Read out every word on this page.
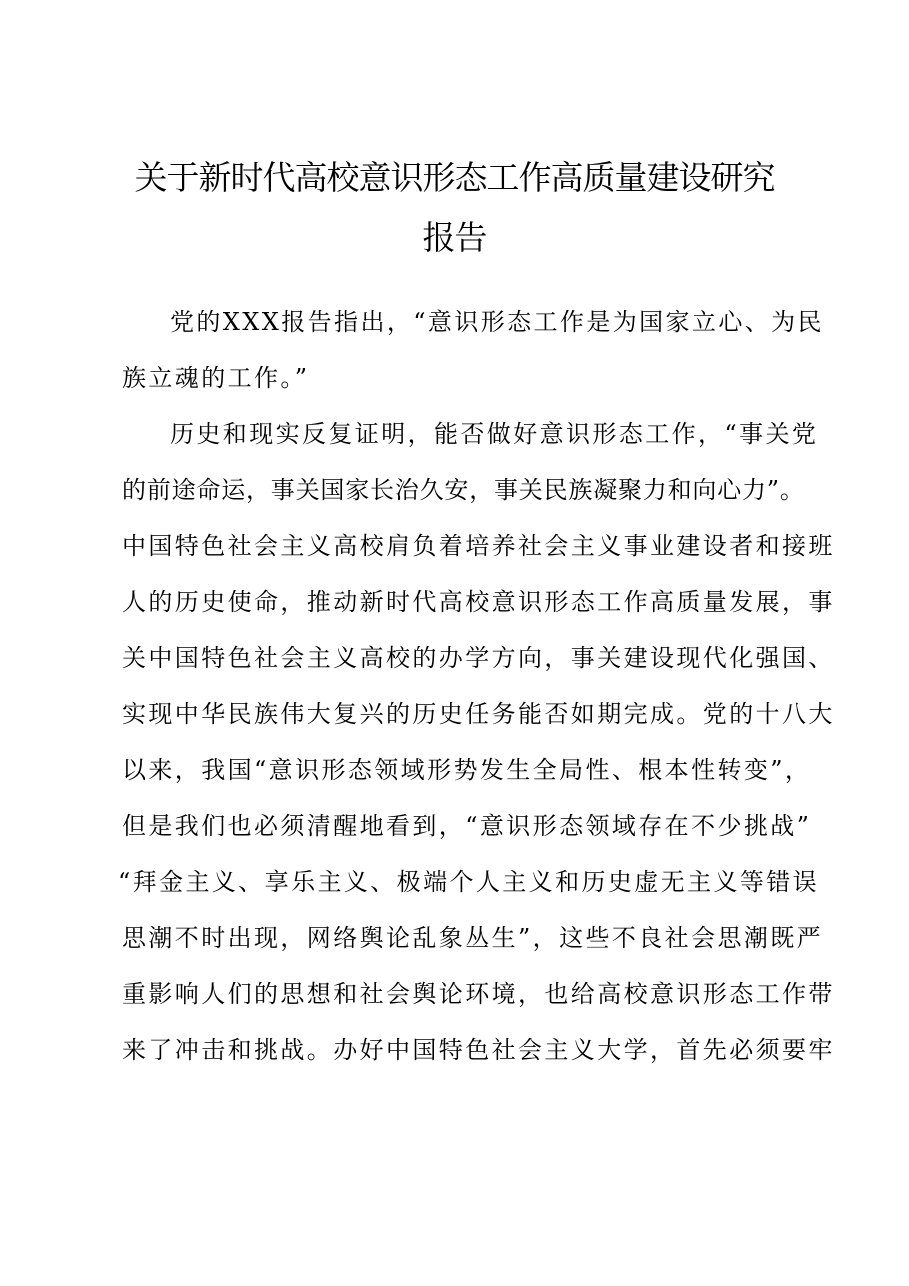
关于新时代高校意识形态工作高质量建设研究
报告
党的XXX报告指出，“意识形态工作是为国家立心、为民
族立魂的工作。”
历史和现实反复证明，能否做好意识形态工作，“事关党
的前途命运，事关国家长治久安，事关民族凝聚力和向心力”。
中国特色社会主义高校肩负着培养社会主义事业建设者和接班
人的历史使命，推动新时代高校意识形态工作高质量发展，事
关中国特色社会主义高校的办学方向，事关建设现代化强国、
实现中华民族伟大复兴的历史任务能否如期完成。党的十八大
以来，我国“意识形态领域形势发生全局性、根本性转变”，
但是我们也必须清醒地看到，“意识形态领域存在不少挑战”
“拜金主义、享乐主义、极端个人主义和历史虚无主义等错误
思潮不时出现，网络舆论乱象丛生”，这些不良社会思潮既严
重影响人们的思想和社会舆论环境，也给高校意识形态工作带
来了冲击和挑战。办好中国特色社会主义大学，首先必须要牢
